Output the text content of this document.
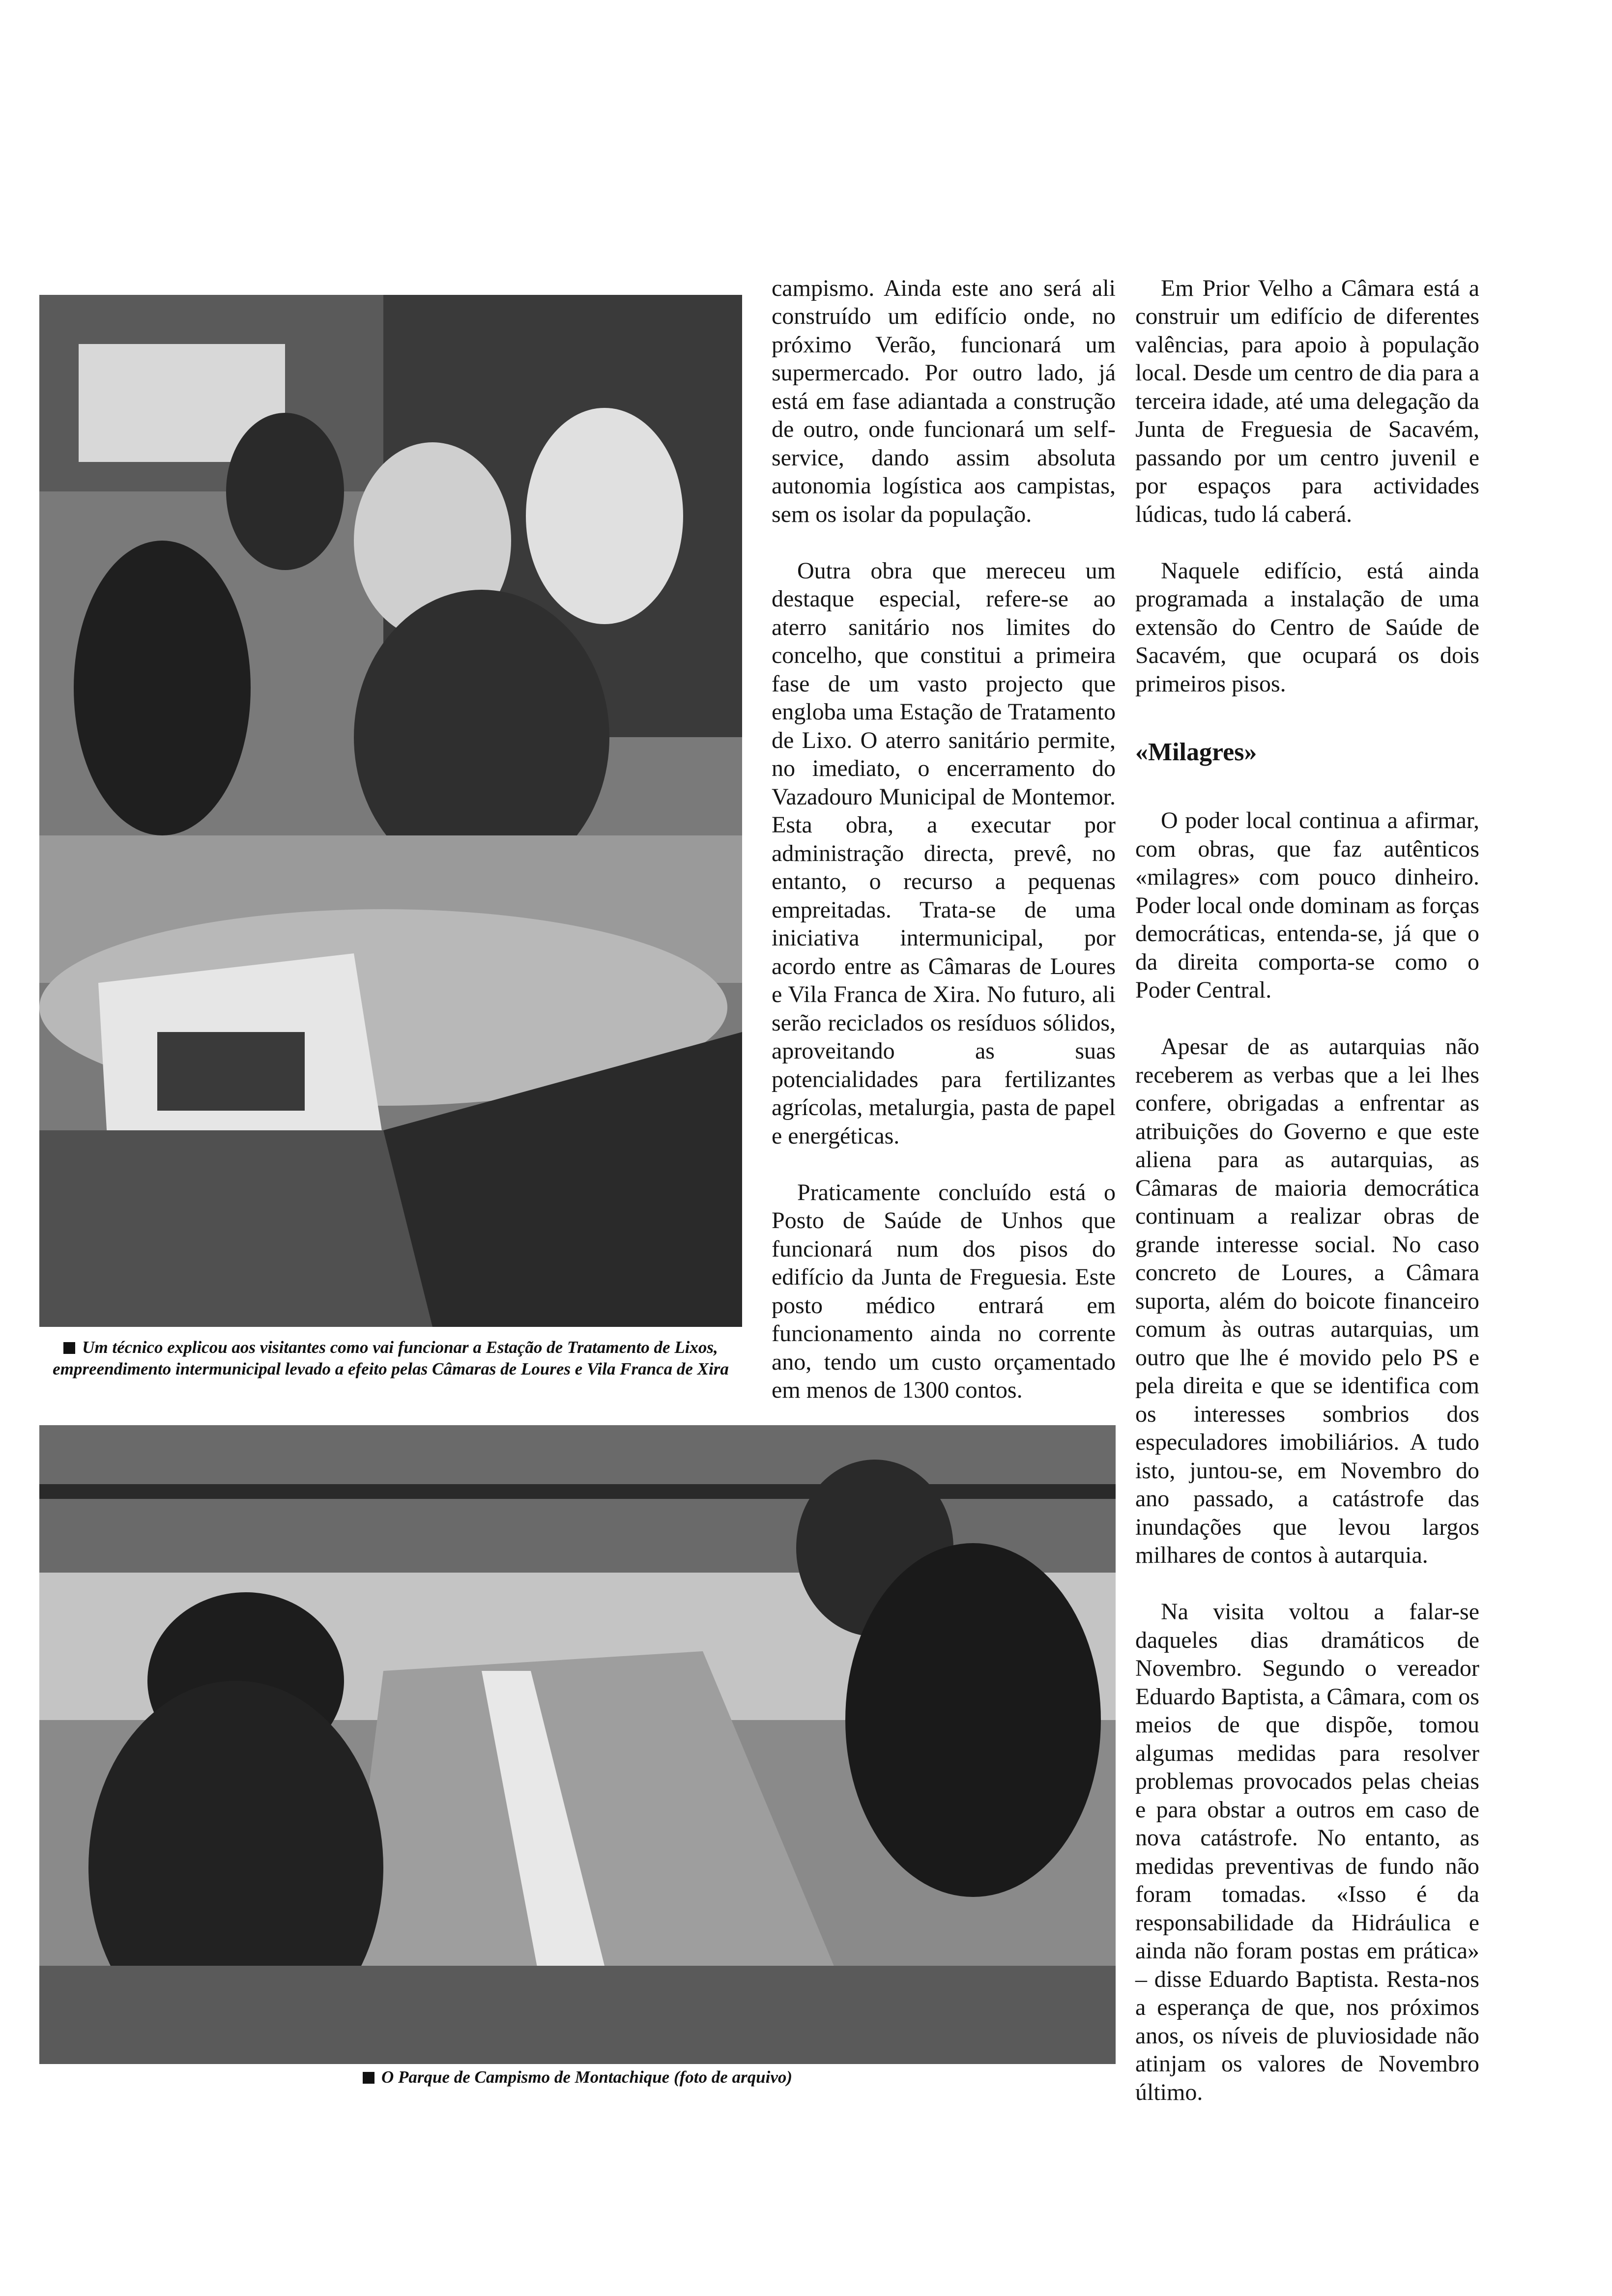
Um técnico explicou aos visitantes como vai funcionar a Estação de Tratamento de Lixos, empreendimento intermunicipal levado a efeito pelas Câmaras de Loures e Vila Franca de Xira
O Parque de Campismo de Montachique (foto de arquivo)

campismo. Ainda este ano será ali construído um edifício onde, no próximo Verão, funcionará um supermercado. Por outro lado, já está em fase adiantada a construção de outro, onde funcionará um self-service, dando assim absoluta autonomia logística aos campistas, sem os isolar da população.

Outra obra que mereceu um destaque especial, refere-se ao aterro sanitário nos limites do concelho, que constitui a primeira fase de um vasto projecto que engloba uma Estação de Tratamento de Lixo. O aterro sanitário permite, no imediato, o encerramento do Vazadouro Municipal de Montemor. Esta obra, a executar por administração directa, prevê, no entanto, o recurso a pequenas empreitadas. Trata-se de uma iniciativa intermunicipal, por acordo entre as Câmaras de Loures e Vila Franca de Xira. No futuro, ali serão reciclados os resíduos sólidos, aproveitando as suas potencialidades para fertilizantes agrícolas, metalurgia, pasta de papel e energéticas.

Praticamente concluído está o Posto de Saúde de Unhos que funcionará num dos pisos do edifício da Junta de Freguesia. Este posto médico entrará em funcionamento ainda no corrente ano, tendo um custo orçamentado em menos de 1300 contos.

Em Prior Velho a Câmara está a construir um edifício de diferentes valências, para apoio à população local. Desde um centro de dia para a terceira idade, até uma delegação da Junta de Freguesia de Sacavém, passando por um centro juvenil e por espaços para actividades lúdicas, tudo lá caberá.

Naquele edifício, está ainda programada a instalação de uma extensão do Centro de Saúde de Sacavém, que ocupará os dois primeiros pisos.

«Milagres»

O poder local continua a afirmar, com obras, que faz autênticos «milagres» com pouco dinheiro. Poder local onde dominam as forças democráticas, entenda-se, já que o da direita comporta-se como o Poder Central.

Apesar de as autarquias não receberem as verbas que a lei lhes confere, obrigadas a enfrentar as atribuições do Governo e que este aliena para as autarquias, as Câmaras de maioria democrática continuam a realizar obras de grande interesse social. No caso concreto de Loures, a Câmara suporta, além do boicote financeiro comum às outras autarquias, um outro que lhe é movido pelo PS e pela direita e que se identifica com os interesses sombrios dos especuladores imobiliários. A tudo isto, juntou-se, em Novembro do ano passado, a catástrofe das inundações que levou largos milhares de contos à autarquia.

Na visita voltou a falar-se daqueles dias dramáticos de Novembro. Segundo o vereador Eduardo Baptista, a Câmara, com os meios de que dispõe, tomou algumas medidas para resolver problemas provocados pelas cheias e para obstar a outros em caso de nova catástrofe. No entanto, as medidas preventivas de fundo não foram tomadas. «Isso é da responsabilidade da Hidráulica e ainda não foram postas em prática» – disse Eduardo Baptista. Resta-nos a esperança de que, nos próximos anos, os níveis de pluviosidade não atinjam os valores de Novembro último.
